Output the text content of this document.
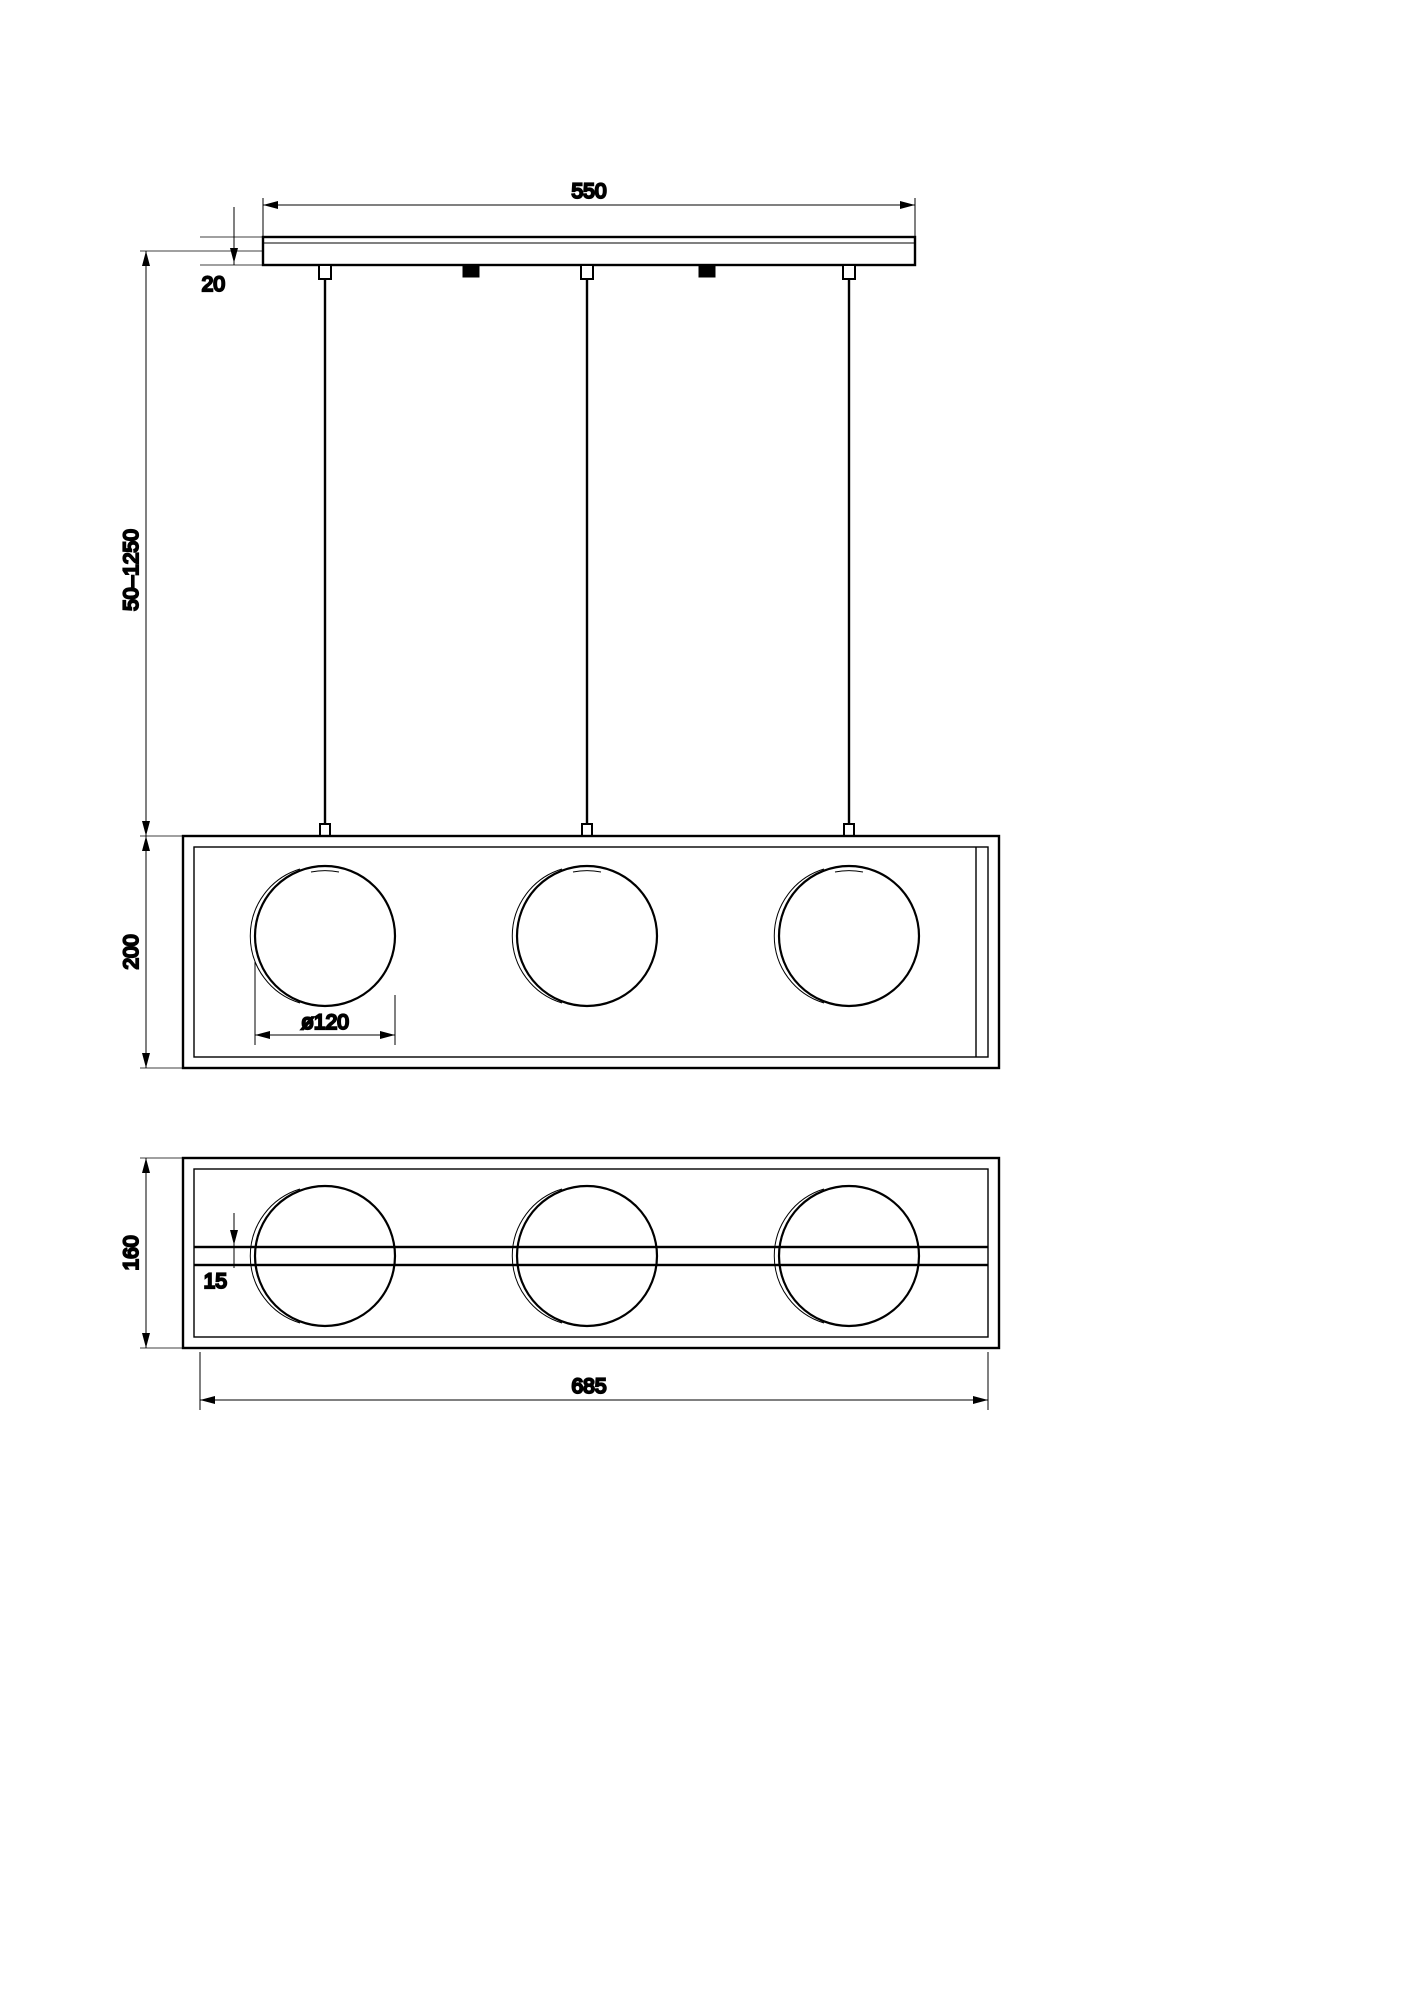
550
20
50–1250
200
ø120
160
15
685
